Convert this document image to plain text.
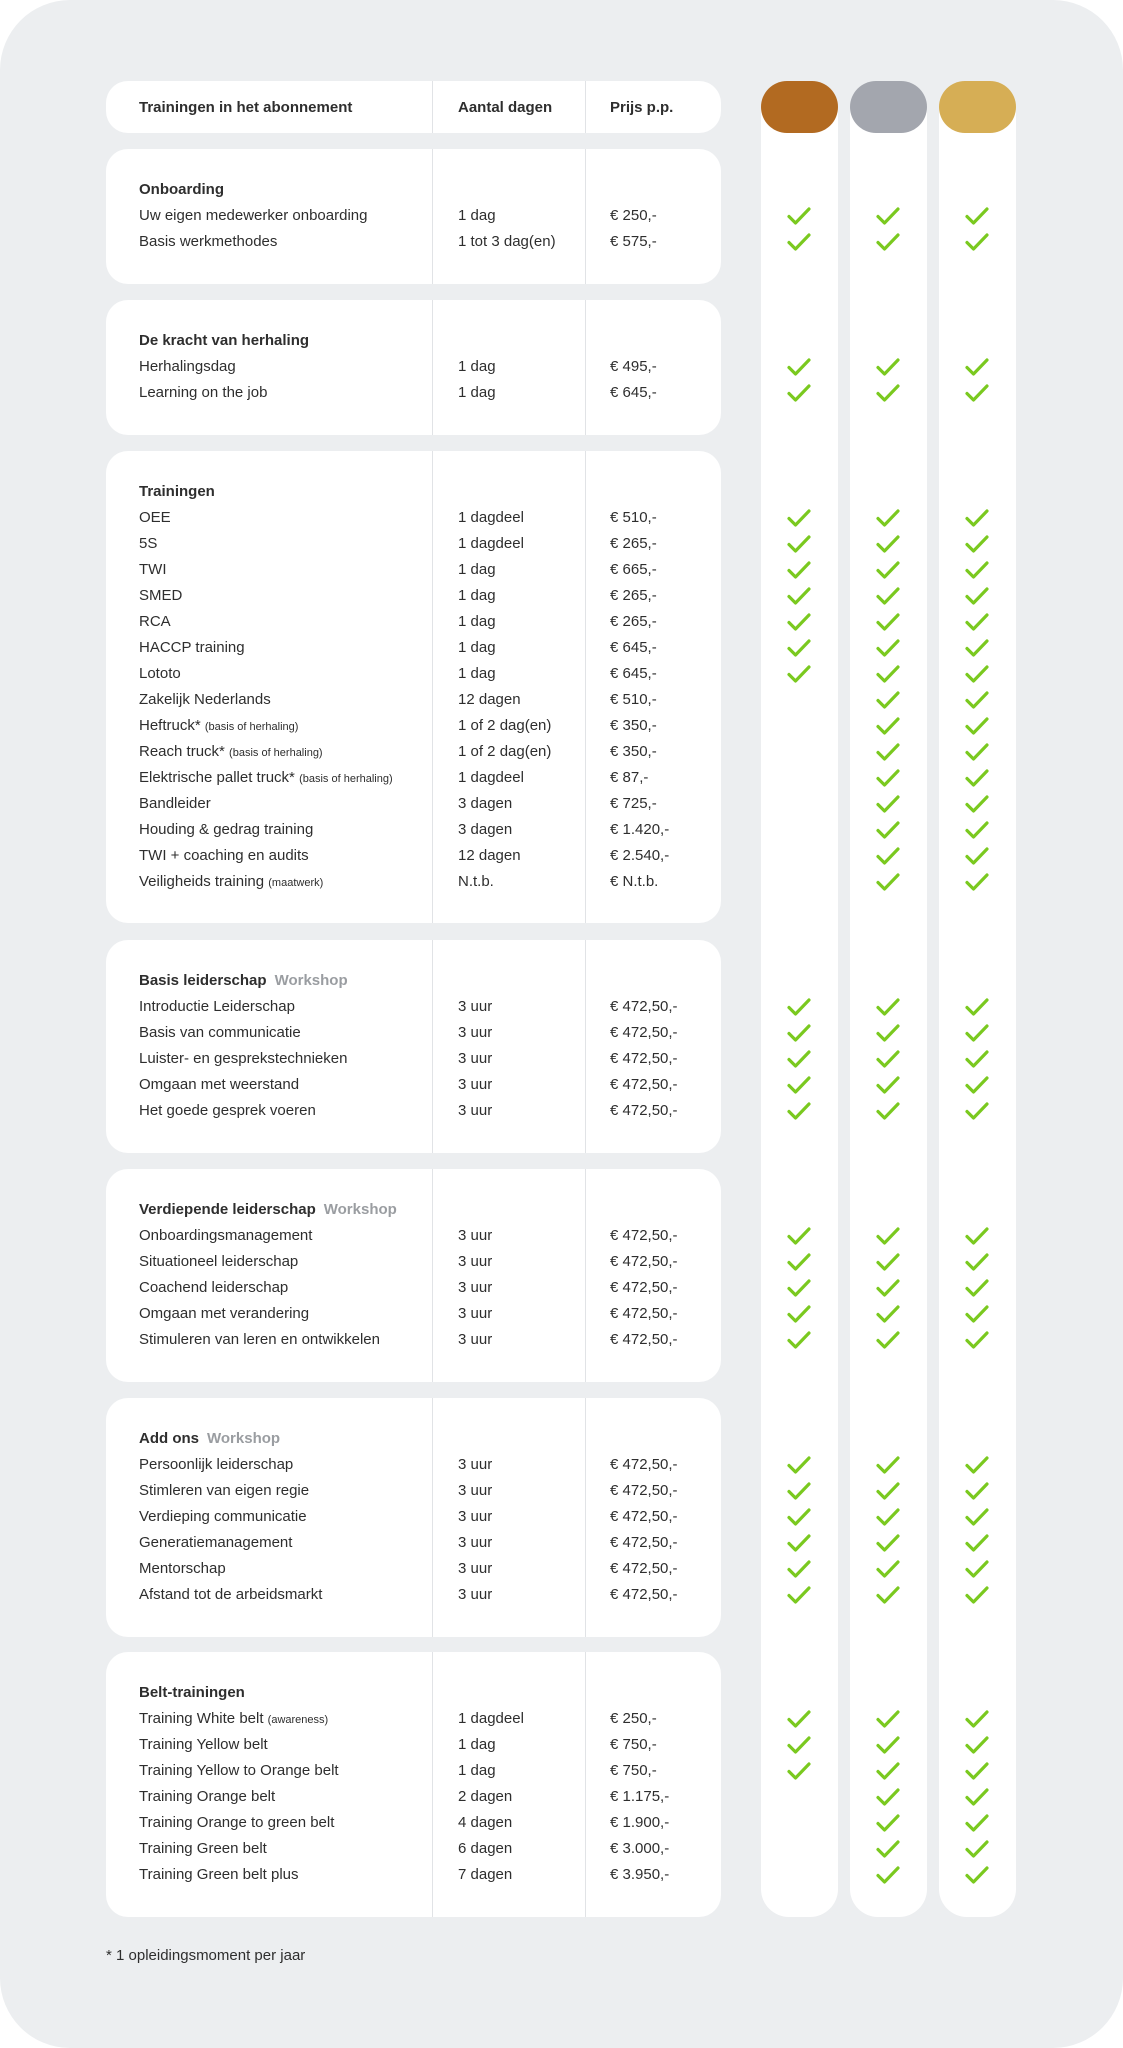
Trainingen in het abonnement	Aantal dagen	Prijs p.p.
Onboarding
Uw eigen medewerker onboarding	1 dag	€ 250,-
Basis werkmethodes	1 tot 3 dag(en)	€ 575,-
De kracht van herhaling
Herhalingsdag	1 dag	€ 495,-
Learning on the job	1 dag	€ 645,-
Trainingen
OEE	1 dagdeel	€ 510,-
5S	1 dagdeel	€ 265,-
TWI	1 dag	€ 665,-
SMED	1 dag	€ 265,-
RCA	1 dag	€ 265,-
HACCP training	1 dag	€ 645,-
Lototo	1 dag	€ 645,-
Zakelijk Nederlands	12 dagen	€ 510,-
Heftruck* (basis of herhaling)	1 of 2 dag(en)	€ 350,-
Reach truck* (basis of herhaling)	1 of 2 dag(en)	€ 350,-
Elektrische pallet truck* (basis of herhaling)	1 dagdeel	€ 87,-
Bandleider	3 dagen	€ 725,-
Houding & gedrag training	3 dagen	€ 1.420,-
TWI + coaching en audits	12 dagen	€ 2.540,-
Veiligheids training (maatwerk)	N.t.b.	€ N.t.b.
Basis leiderschap Workshop
Introductie Leiderschap	3 uur	€ 472,50,-
Basis van communicatie	3 uur	€ 472,50,-
Luister- en gesprekstechnieken	3 uur	€ 472,50,-
Omgaan met weerstand	3 uur	€ 472,50,-
Het goede gesprek voeren	3 uur	€ 472,50,-
Verdiepende leiderschap Workshop
Onboardingsmanagement	3 uur	€ 472,50,-
Situationeel leiderschap	3 uur	€ 472,50,-
Coachend leiderschap	3 uur	€ 472,50,-
Omgaan met verandering	3 uur	€ 472,50,-
Stimuleren van leren en ontwikkelen	3 uur	€ 472,50,-
Add ons Workshop
Persoonlijk leiderschap	3 uur	€ 472,50,-
Stimleren van eigen regie	3 uur	€ 472,50,-
Verdieping communicatie	3 uur	€ 472,50,-
Generatiemanagement	3 uur	€ 472,50,-
Mentorschap	3 uur	€ 472,50,-
Afstand tot de arbeidsmarkt	3 uur	€ 472,50,-
Belt-trainingen
Training White belt (awareness)	1 dagdeel	€ 250,-
Training Yellow belt	1 dag	€ 750,-
Training Yellow to Orange belt	1 dag	€ 750,-
Training Orange belt	2 dagen	€ 1.175,-
Training Orange to green belt	4 dagen	€ 1.900,-
Training Green belt	6 dagen	€ 3.000,-
Training Green belt plus	7 dagen	€ 3.950,-
* 1 opleidingsmoment per jaar
